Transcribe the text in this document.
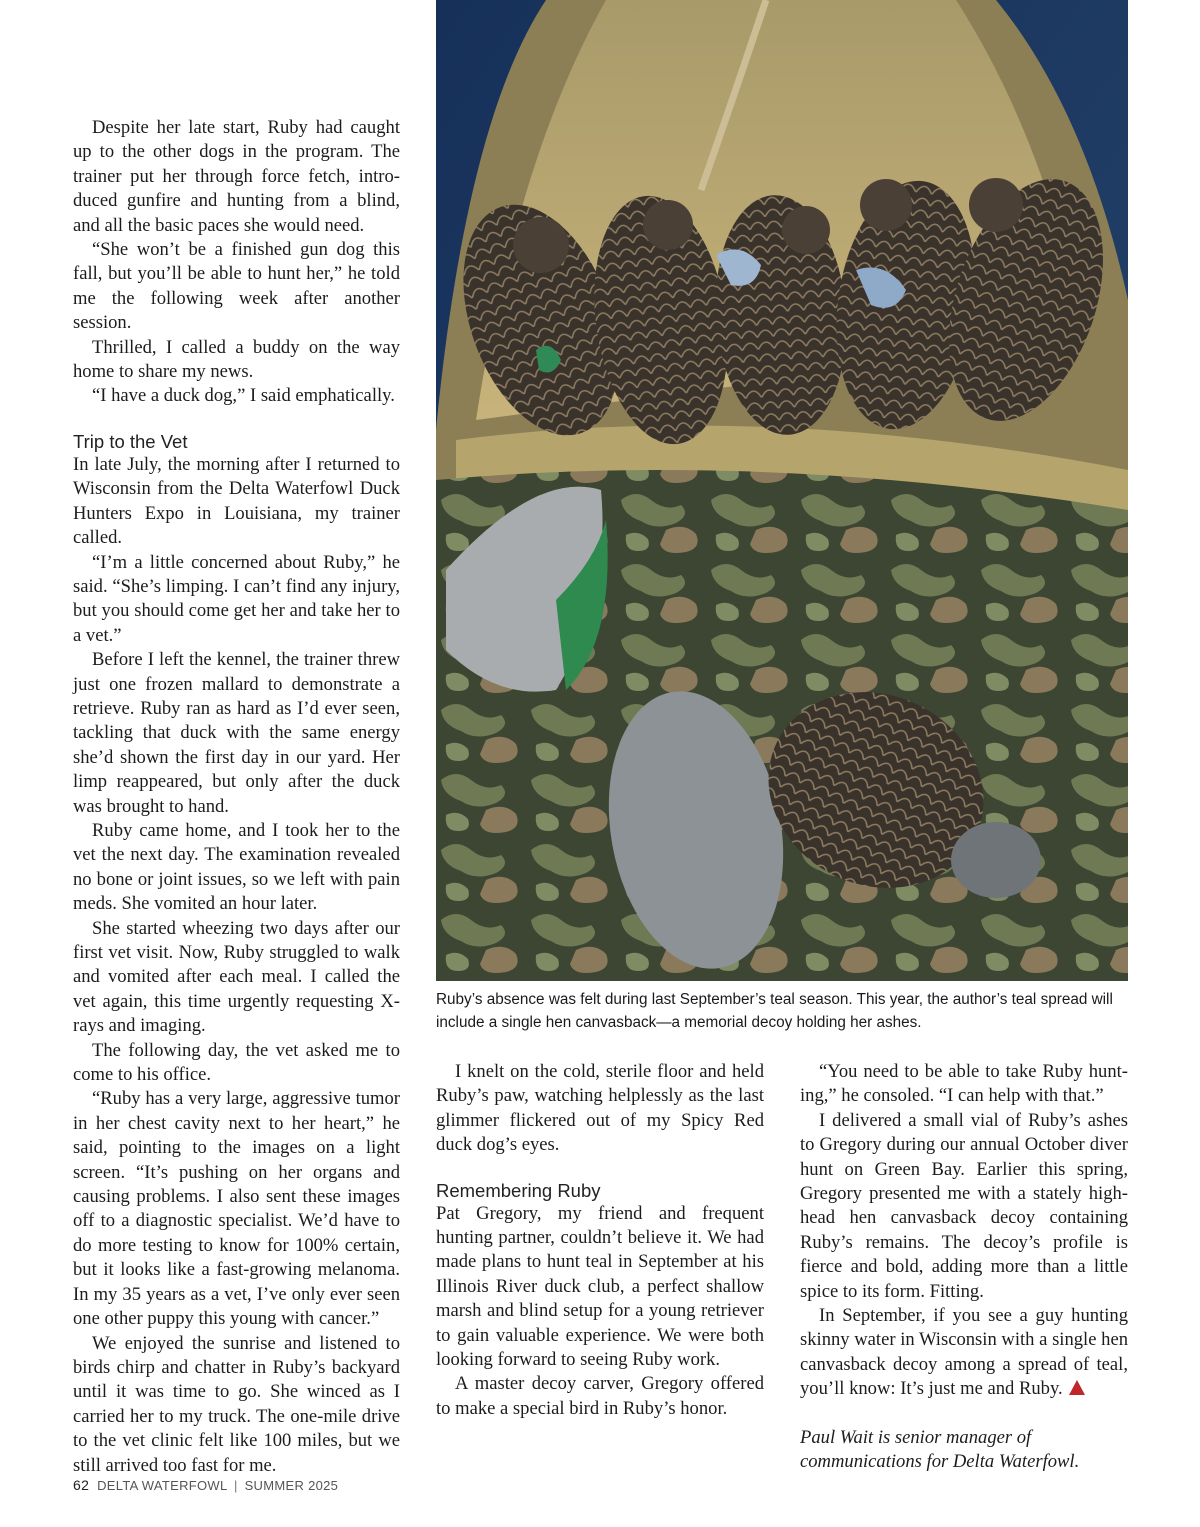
Despite her late start, Ruby had caught up to the other dogs in the program. The trainer put her through force fetch, introduced gunfire and hunting from a blind, and all the basic paces she would need.

“She won’t be a finished gun dog this fall, but you’ll be able to hunt her,” he told me the following week after another session.

Thrilled, I called a buddy on the way home to share my news.

“I have a duck dog,” I said emphatically.

Trip to the Vet

In late July, the morning after I returned to Wisconsin from the Delta Waterfowl Duck Hunters Expo in Louisiana, my trainer called.

“I’m a little concerned about Ruby,” he said. “She’s limping. I can’t find any injury, but you should come get her and take her to a vet.”

Before I left the kennel, the trainer threw just one frozen mallard to demonstrate a retrieve. Ruby ran as hard as I’d ever seen, tackling that duck with the same energy she’d shown the first day in our yard. Her limp reappeared, but only after the duck was brought to hand.

Ruby came home, and I took her to the vet the next day. The examination revealed no bone or joint issues, so we left with pain meds. She vomited an hour later.

She started wheezing two days after our first vet visit. Now, Ruby struggled to walk and vomited after each meal. I called the vet again, this time urgently requesting X-rays and imaging.

The following day, the vet asked me to come to his office.

“Ruby has a very large, aggressive tumor in her chest cavity next to her heart,” he said, pointing to the images on a light screen. “It’s pushing on her organs and causing problems. I also sent these images off to a diagnostic specialist. We’d have to do more testing to know for 100% certain, but it looks like a fast-growing melanoma. In my 35 years as a vet, I’ve only ever seen one other puppy this young with cancer.”

We enjoyed the sunrise and listened to birds chirp and chatter in Ruby’s backyard until it was time to go. She winced as I carried her to my truck. The one-mile drive to the vet clinic felt like 100 miles, but we still arrived too fast for me.

Ruby’s absence was felt during last September’s teal season. This year, the author’s teal spread will include a single hen canvasback—a memorial decoy holding her ashes.

I knelt on the cold, sterile floor and held Ruby’s paw, watching helplessly as the last glimmer flickered out of my Spicy Red duck dog’s eyes.

Remembering Ruby

Pat Gregory, my friend and frequent hunting partner, couldn’t believe it. We had made plans to hunt teal in September at his Illinois River duck club, a perfect shallow marsh and blind setup for a young retriever to gain valuable experience. We were both looking forward to seeing Ruby work.

A master decoy carver, Gregory offered to make a special bird in Ruby’s honor.

“You need to be able to take Ruby hunting,” he consoled. “I can help with that.”

I delivered a small vial of Ruby’s ashes to Gregory during our annual October diver hunt on Green Bay. Earlier this spring, Gregory presented me with a stately high-head hen canvasback decoy containing Ruby’s remains. The decoy’s profile is fierce and bold, adding more than a little spice to its form. Fitting.

In September, if you see a guy hunting skinny water in Wisconsin with a single hen canvasback decoy among a spread of teal, you’ll know: It’s just me and Ruby.

Paul Wait is senior manager of communications for Delta Waterfowl.

62 DELTA WATERFOWL | SUMMER 2025
